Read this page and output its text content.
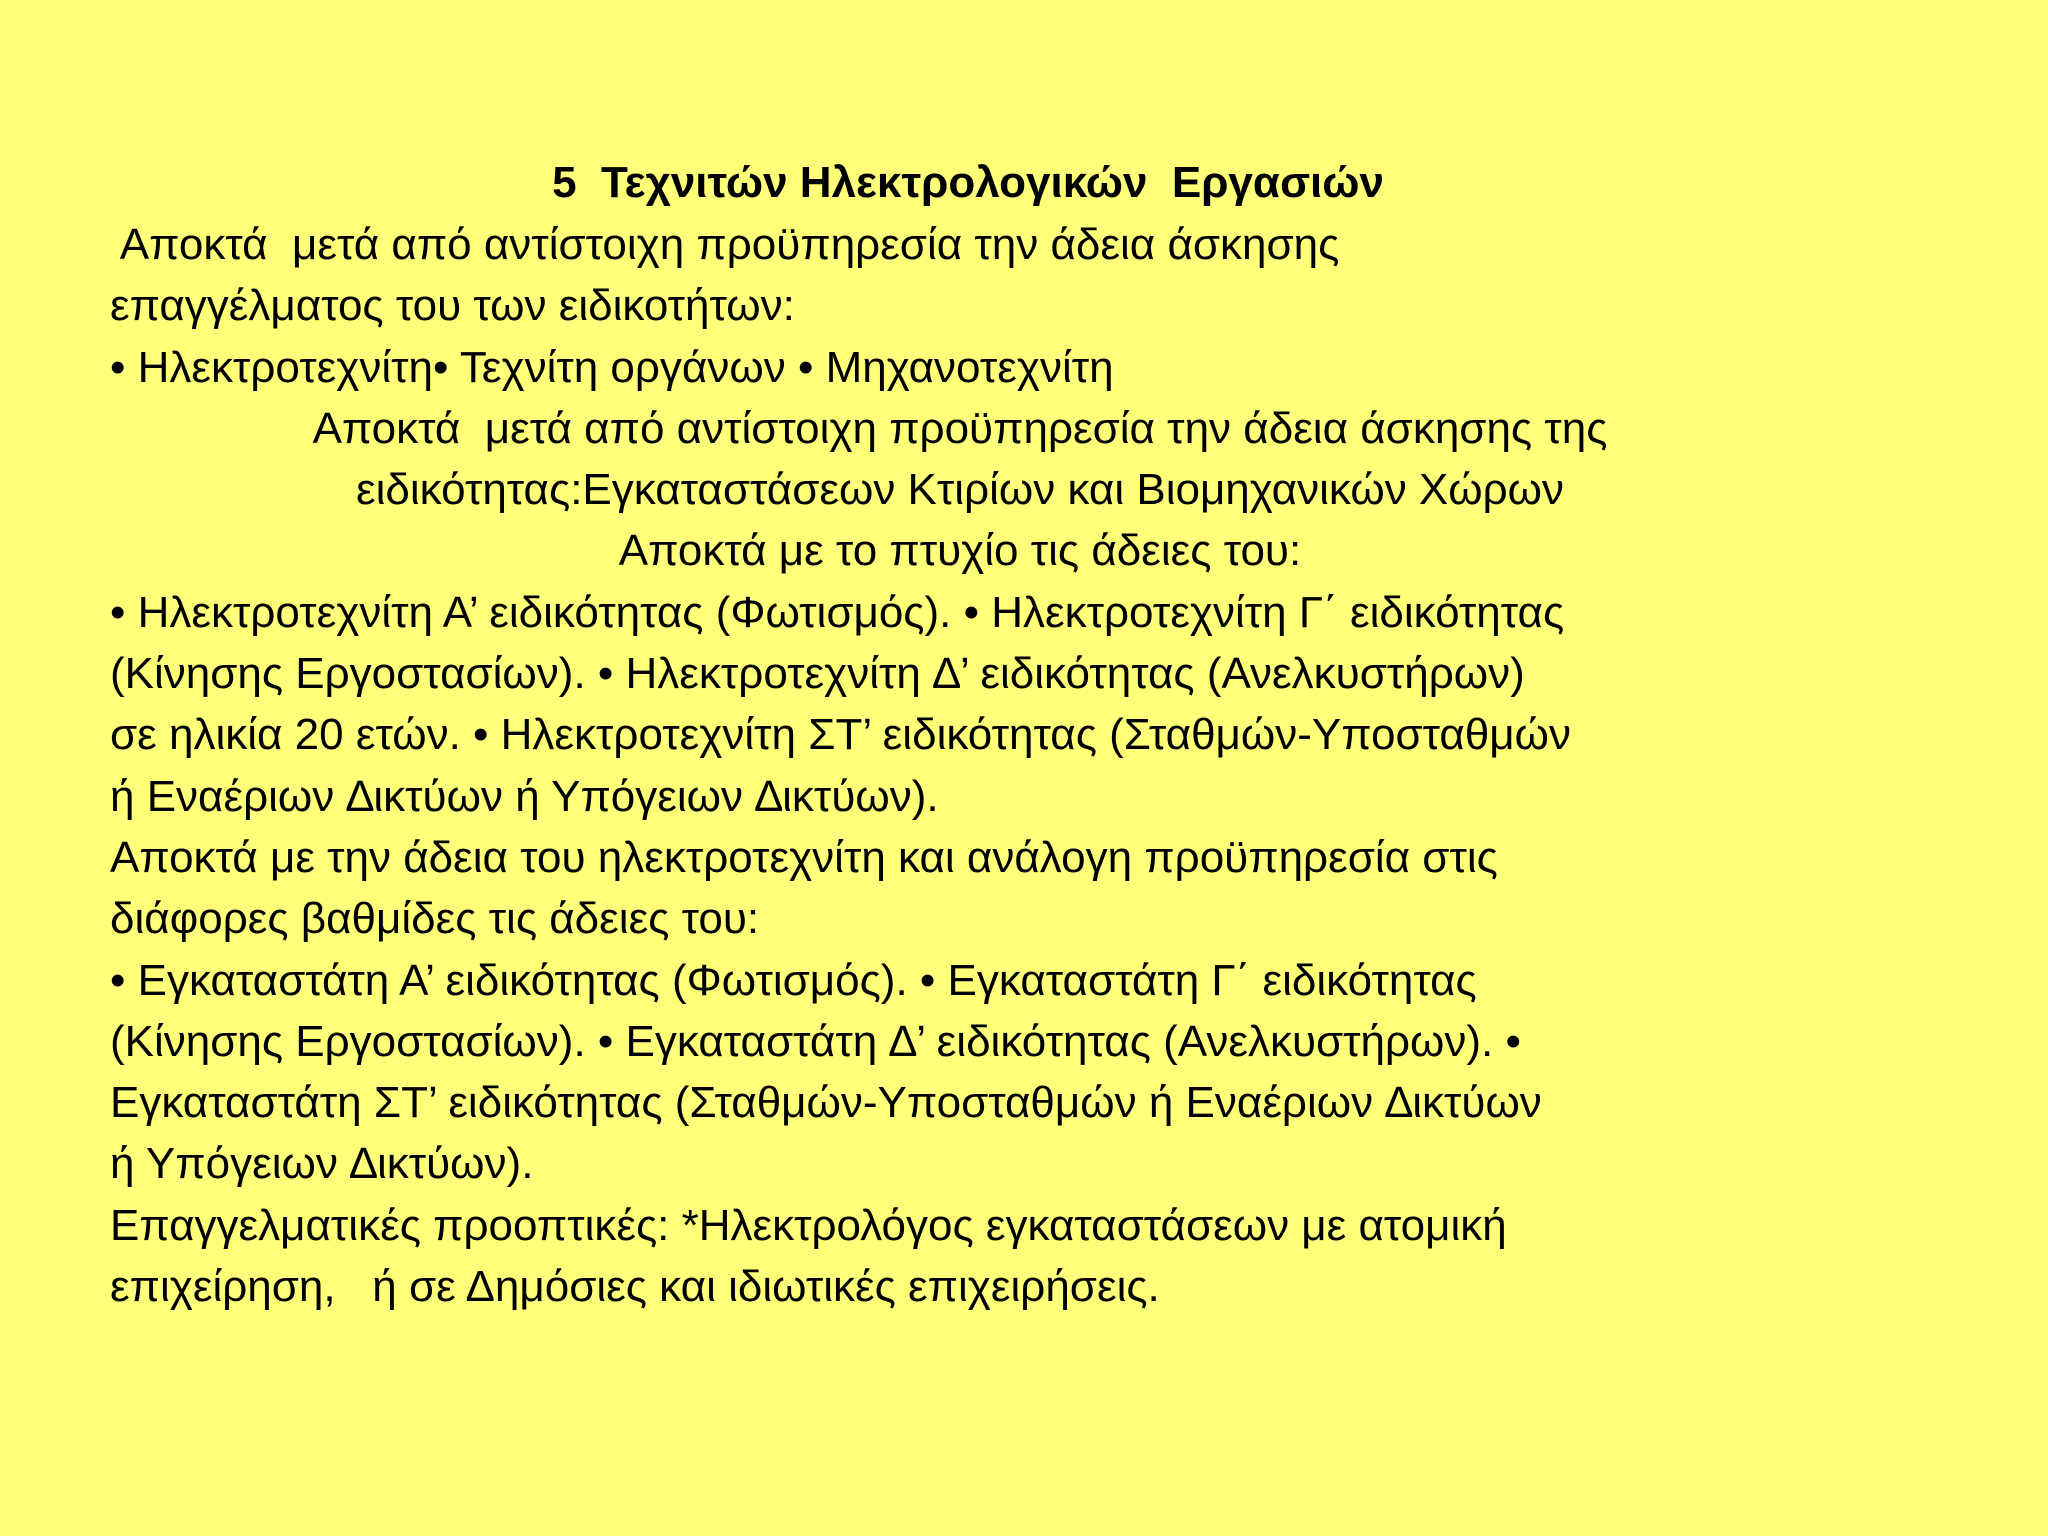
5  Τεχνιτών Ηλεκτρολογικών  Εργασιών
Αποκτά  μετά από αντίστοιχη προϋπηρεσία την άδεια άσκησης
επαγγέλματος του των ειδικοτήτων:
• Ηλεκτροτεχνίτη• Τεχνίτη οργάνων • Μηχανοτεχνίτη
Αποκτά  μετά από αντίστοιχη προϋπηρεσία την άδεια άσκησης της
ειδικότητας:Εγκαταστάσεων Κτιρίων και Βιομηχανικών Χώρων
Αποκτά με το πτυχίο τις άδειες του:
• Ηλεκτροτεχνίτη Α’ ειδικότητας (Φωτισμός). • Ηλεκτροτεχνίτη Γ΄ ειδικότητας
(Κίνησης Εργοστασίων). • Ηλεκτροτεχνίτη ∆’ ειδικότητας (Ανελκυστήρων)
σε ηλικία 20 ετών. • Ηλεκτροτεχνίτη ΣΤ’ ειδικότητας (Σταθμών-Υποσταθμών
ή Εναέριων ∆ικτύων ή Υπόγειων ∆ικτύων).
Αποκτά με την άδεια του ηλεκτροτεχνίτη και ανάλογη προϋπηρεσία στις
διάφορες βαθμίδες τις άδειες του:
• Εγκαταστάτη Α’ ειδικότητας (Φωτισμός). • Εγκαταστάτη Γ΄ ειδικότητας
(Κίνησης Εργοστασίων). • Εγκαταστάτη ∆’ ειδικότητας (Ανελκυστήρων). •
Εγκαταστάτη ΣΤ’ ειδικότητας (Σταθμών-Υποσταθμών ή Εναέριων ∆ικτύων
ή Υπόγειων ∆ικτύων).
Επαγγελματικές προοπτικές: *Ηλεκτρολόγος εγκαταστάσεων με ατομική
επιχείρηση,   ή σε Δημόσιες και ιδιωτικές επιχειρήσεις.
